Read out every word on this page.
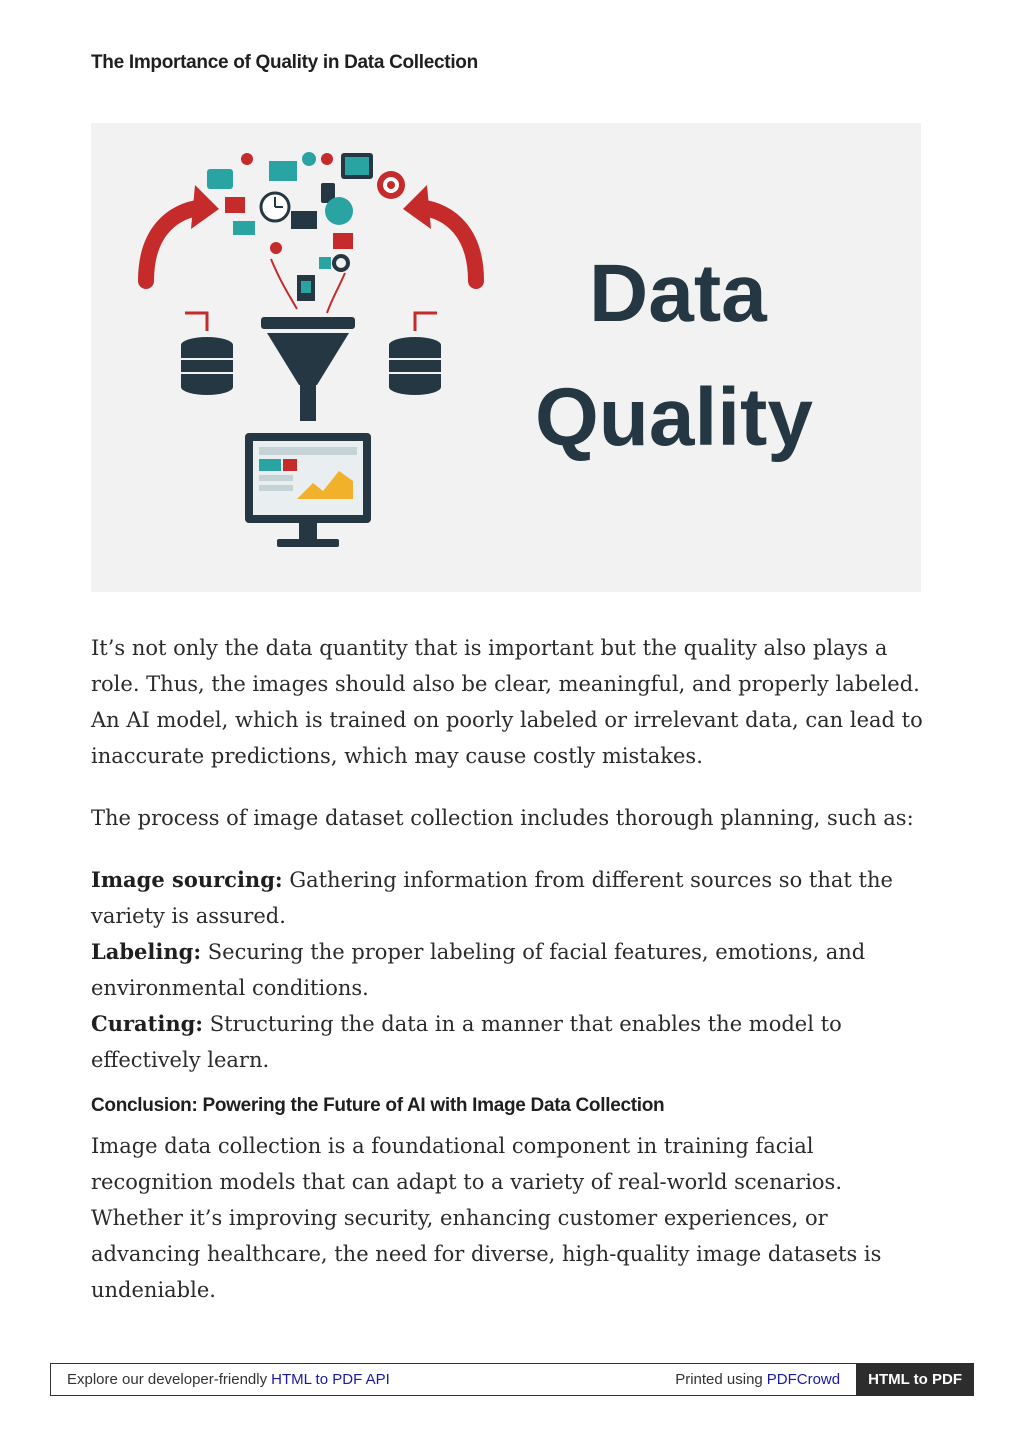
The Importance of Quality in Data Collection
Data
Quality

It’s not only the data quantity that is important but the quality also plays a role. Thus, the images should also be clear, meaningful, and properly labeled. An AI model, which is trained on poorly labeled or irrelevant data, can lead to inaccurate predictions, which may cause costly mistakes.

The process of image dataset collection includes thorough planning, such as:

Image sourcing: Gathering information from different sources so that the variety is assured.
Labeling: Securing the proper labeling of facial features, emotions, and environmental conditions.
Curating: Structuring the data in a manner that enables the model to effectively learn.
Conclusion: Powering the Future of AI with Image Data Collection

Image data collection is a foundational component in training facial recognition models that can adapt to a variety of real-world scenarios. Whether it’s improving security, enhancing customer experiences, or advancing healthcare, the need for diverse, high-quality image datasets is undeniable.

Explore our developer-friendly HTML to PDF API	Printed using PDFCrowd	HTML to PDF
